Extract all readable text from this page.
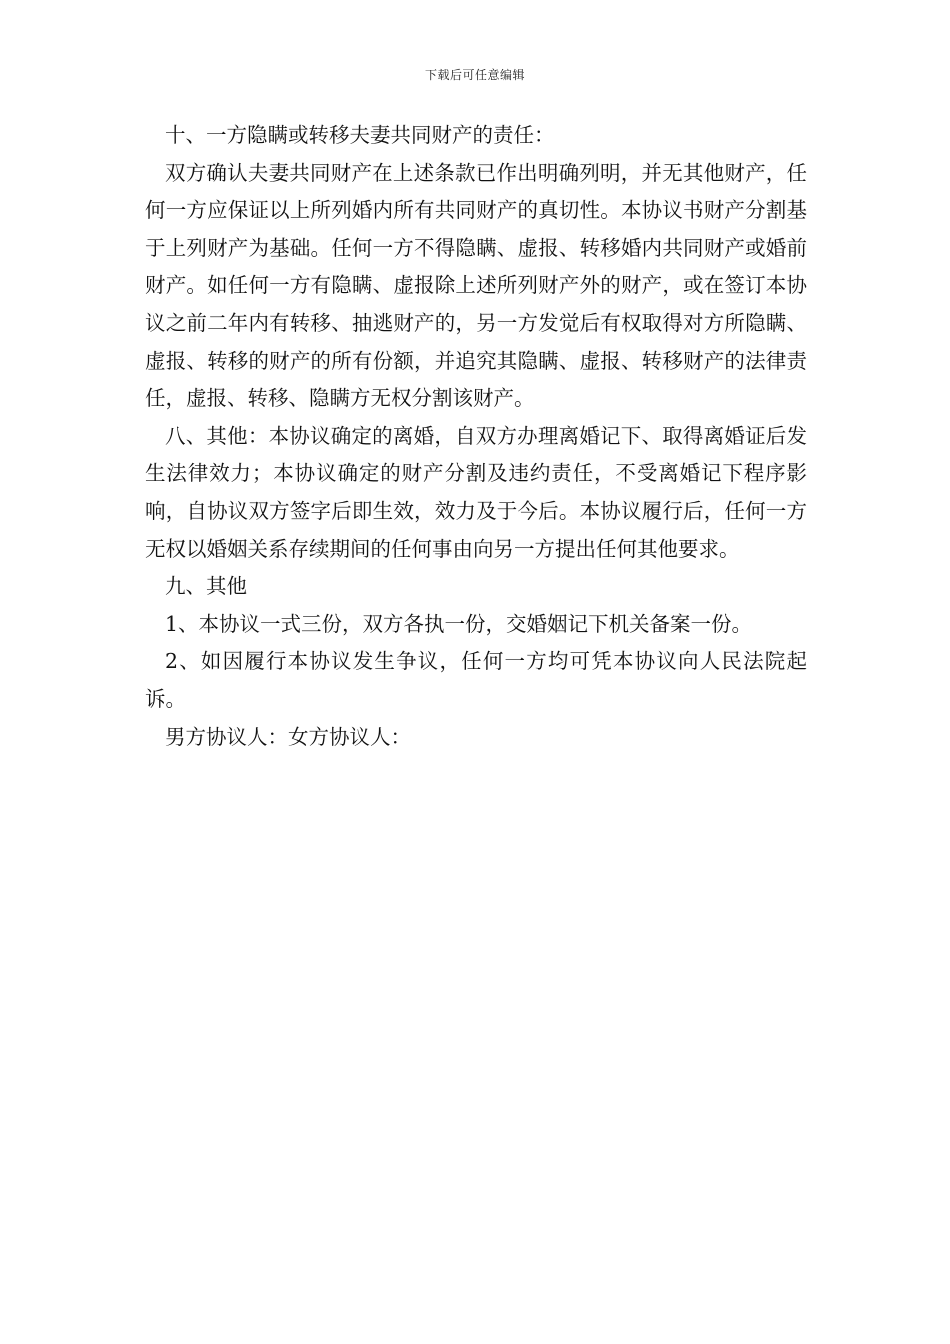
下载后可任意编辑

十、一方隐瞒或转移夫妻共同财产的责任：

双方确认夫妻共同财产在上述条款已作出明确列明，并无其他财产，任何一方应保证以上所列婚内所有共同财产的真切性。本协议书财产分割基于上列财产为基础。任何一方不得隐瞒、虚报、转移婚内共同财产或婚前财产。如任何一方有隐瞒、虚报除上述所列财产外的财产，或在签订本协议之前二年内有转移、抽逃财产的，另一方发觉后有权取得对方所隐瞒、虚报、转移的财产的所有份额，并追究其隐瞒、虚报、转移财产的法律责任，虚报、转移、隐瞒方无权分割该财产。

八、其他：本协议确定的离婚，自双方办理离婚记下、取得离婚证后发生法律效力；本协议确定的财产分割及违约责任，不受离婚记下程序影响，自协议双方签字后即生效，效力及于今后。本协议履行后，任何一方无权以婚姻关系存续期间的任何事由向另一方提出任何其他要求。

九、其他

1、本协议一式三份，双方各执一份，交婚姻记下机关备案一份。

2、如因履行本协议发生争议，任何一方均可凭本协议向人民法院起诉。

男方协议人：女方协议人：
